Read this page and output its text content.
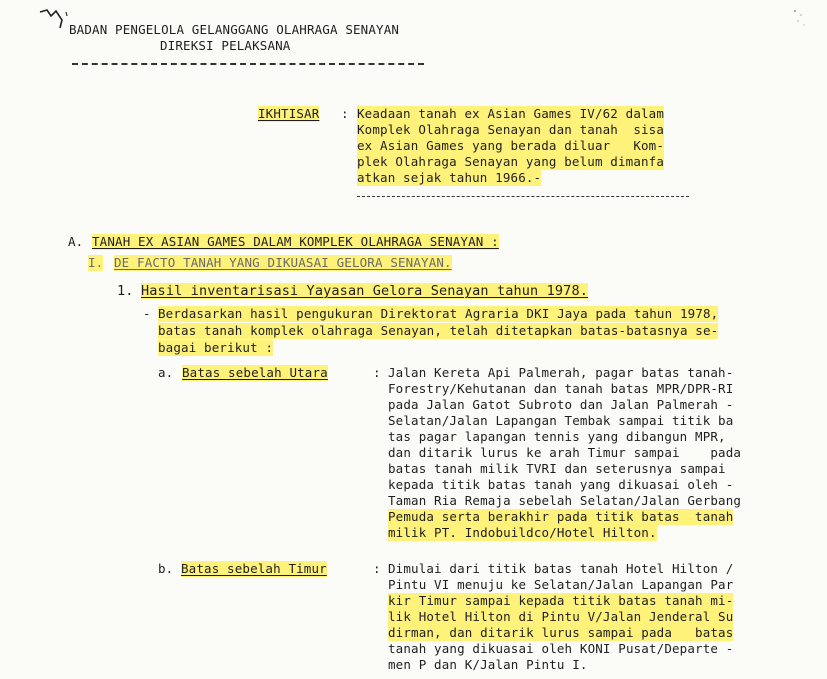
BADAN PENGELOLA GELANGGANG OLAHRAGA SENAYAN
DIREKSI PELAKSANA
IKHTISAR : Keadaan tanah ex Asian Games IV/62 dalam
Komplek Olahraga Senayan dan tanah  sisa
ex Asian Games yang berada diluar   Kom-
plek Olahraga Senayan yang belum dimanfa
atkan sejak tahun 1966.-
A. TANAH EX ASIAN GAMES DALAM KOMPLEK OLAHRAGA SENAYAN :
I. DE FACTO TANAH YANG DIKUASAI GELORA SENAYAN.
1. Hasil inventarisasi Yayasan Gelora Senayan tahun 1978.
- Berdasarkan hasil pengukuran Direktorat Agraria DKI Jaya pada tahun 1978,
batas tanah komplek olahraga Senayan, telah ditetapkan batas-batasnya se-
bagai berikut :
a. Batas sebelah Utara	: Jalan Kereta Api Palmerah, pagar batas tanah-
Forestry/Kehutanan dan tanah batas MPR/DPR-RI
pada Jalan Gatot Subroto dan Jalan Palmerah -
Selatan/Jalan Lapangan Tembak sampai titik ba
tas pagar lapangan tennis yang dibangun MPR,
dan ditarik lurus ke arah Timur sampai    pada
batas tanah milik TVRI dan seterusnya sampai
kepada titik batas tanah yang dikuasai oleh -
Taman Ria Remaja sebelah Selatan/Jalan Gerbang
Pemuda serta berakhir pada titik batas  tanah
milik PT. Indobuildco/Hotel Hilton.
b. Batas sebelah Timur	: Dimulai dari titik batas tanah Hotel Hilton /
Pintu VI menuju ke Selatan/Jalan Lapangan Par
kir Timur sampai kepada titik batas tanah mi-
lik Hotel Hilton di Pintu V/Jalan Jenderal Su
dirman, dan ditarik lurus sampai pada   batas
tanah yang dikuasai oleh KONI Pusat/Departe -
men P dan K/Jalan Pintu I.
